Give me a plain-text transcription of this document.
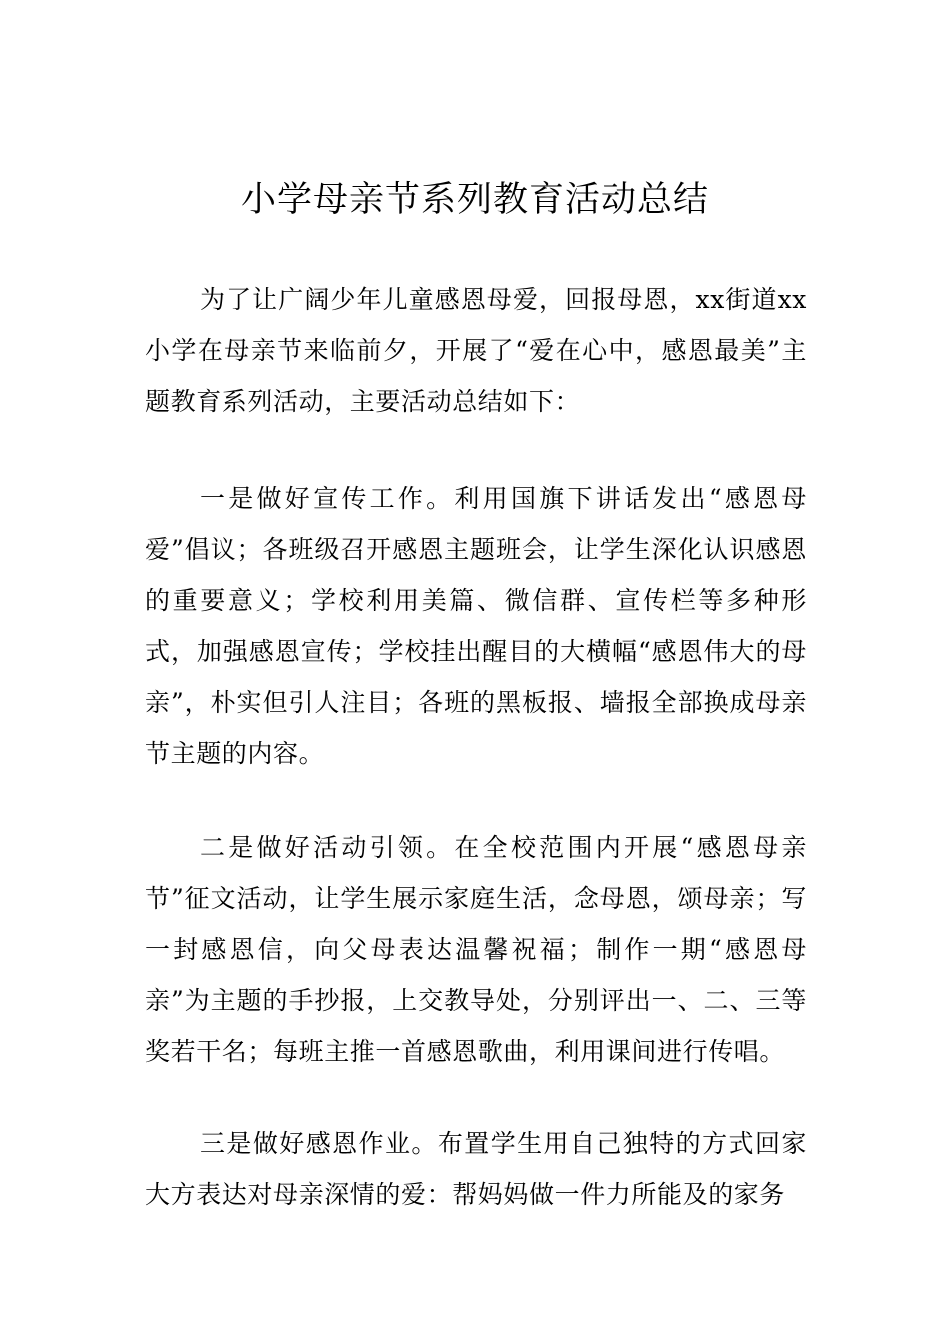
小学母亲节系列教育活动总结

为了让广阔少年儿童感恩母爱，回报母恩，xx街道xx小学在母亲节来临前夕，开展了“爱在心中，感恩最美”主题教育系列活动，主要活动总结如下：

一是做好宣传工作。利用国旗下讲话发出“感恩母爱”倡议；各班级召开感恩主题班会，让学生深化认识感恩的重要意义；学校利用美篇、微信群、宣传栏等多种形式，加强感恩宣传；学校挂出醒目的大横幅“感恩伟大的母亲”，朴实但引人注目；各班的黑板报、墙报全部换成母亲节主题的内容。

二是做好活动引领。在全校范围内开展“感恩母亲节”征文活动，让学生展示家庭生活，念母恩，颂母亲；写一封感恩信，向父母表达温馨祝福；制作一期“感恩母亲”为主题的手抄报，上交教导处，分别评出一、二、三等奖若干名；每班主推一首感恩歌曲，利用课间进行传唱。

三是做好感恩作业。布置学生用自己独特的方式回家大方表达对母亲深情的爱：帮妈妈做一件力所能及的家务
